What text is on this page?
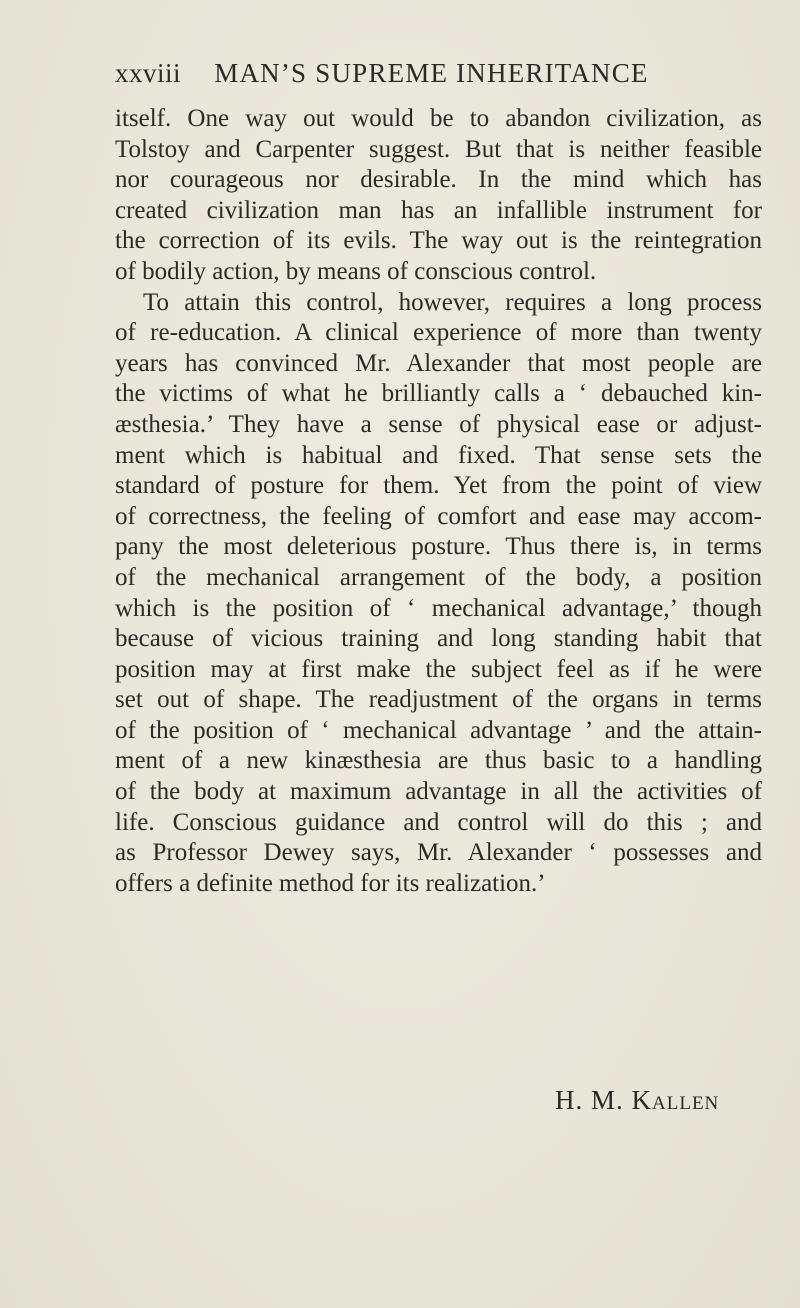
xxviii MAN’S SUPREME INHERITANCE
itself. One way out would be to abandon civilization, as
Tolstoy and Carpenter suggest. But that is neither feasible
nor courageous nor desirable. In the mind which has
created civilization man has an infallible instrument for
the correction of its evils. The way out is the reintegration
of bodily action, by means of conscious control.
To attain this control, however, requires a long process
of re-education. A clinical experience of more than twenty
years has convinced Mr. Alexander that most people are
the victims of what he brilliantly calls a ‘ debauched kin-
æsthesia.’ They have a sense of physical ease or adjust-
ment which is habitual and fixed. That sense sets the
standard of posture for them. Yet from the point of view
of correctness, the feeling of comfort and ease may accom-
pany the most deleterious posture. Thus there is, in terms
of the mechanical arrangement of the body, a position
which is the position of ‘ mechanical advantage,’ though
because of vicious training and long standing habit that
position may at first make the subject feel as if he were
set out of shape. The readjustment of the organs in terms
of the position of ‘ mechanical advantage ’ and the attain-
ment of a new kinæsthesia are thus basic to a handling
of the body at maximum advantage in all the activities of
life. Conscious guidance and control will do this ; and
as Professor Dewey says, Mr. Alexander ‘ possesses and
offers a definite method for its realization.’
H. M. Kallen
